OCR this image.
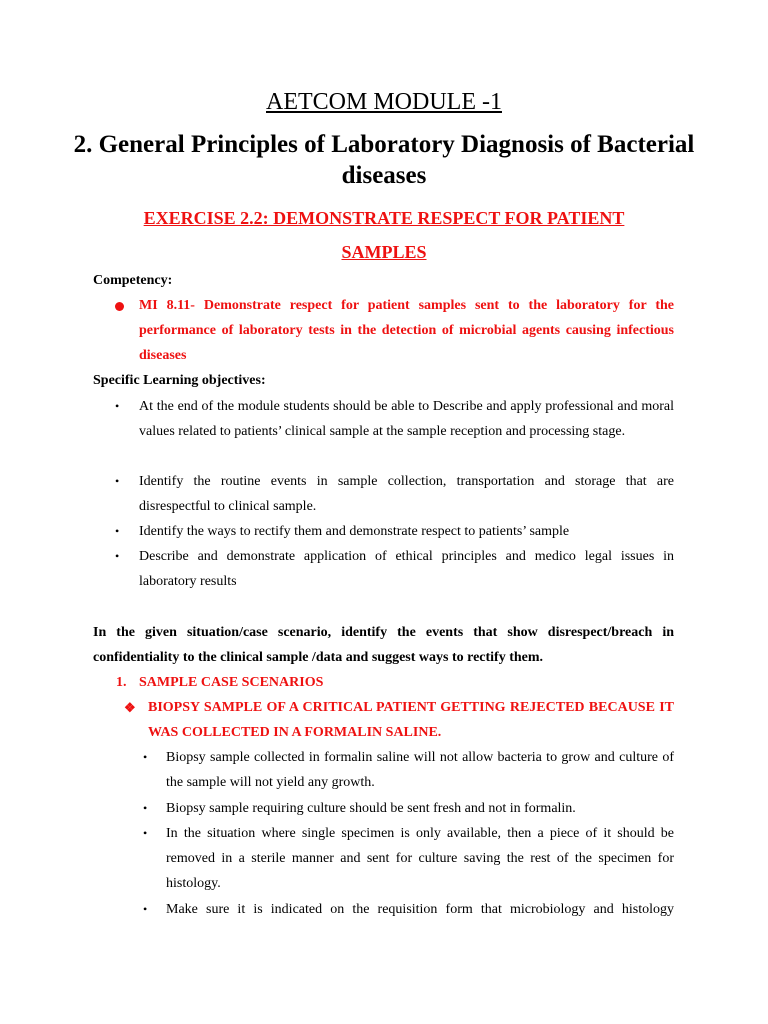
AETCOM MODULE -1
2. General Principles of Laboratory Diagnosis of Bacterial diseases
EXERCISE 2.2: DEMONSTRATE RESPECT FOR PATIENT SAMPLES
Competency:
MI 8.11- Demonstrate respect for patient samples sent to the laboratory for the performance of laboratory tests in the detection of microbial agents causing infectious diseases
Specific Learning objectives:
• At the end of the module students should be able to Describe and apply professional and moral values related to patients’ clinical sample at the sample reception and processing stage.
• Identify the routine events in sample collection, transportation and storage that are disrespectful to clinical sample.
• Identify the ways to rectify them and demonstrate respect to patients’ sample
• Describe and demonstrate application of ethical principles and medico legal issues in laboratory results
In the given situation/case scenario, identify the events that show disrespect/breach in confidentiality to the clinical sample /data and suggest ways to rectify them.
1. SAMPLE CASE SCENARIOS
❖ BIOPSY SAMPLE OF A CRITICAL PATIENT GETTING REJECTED BECAUSE IT WAS COLLECTED IN A FORMALIN SALINE.
• Biopsy sample collected in formalin saline will not allow bacteria to grow and culture of the sample will not yield any growth.
• Biopsy sample requiring culture should be sent fresh and not in formalin.
• In the situation where single specimen is only available, then a piece of it should be removed in a sterile manner and sent for culture saving the rest of the specimen for histology.
• Make sure it is indicated on the requisition form that microbiology and histology
